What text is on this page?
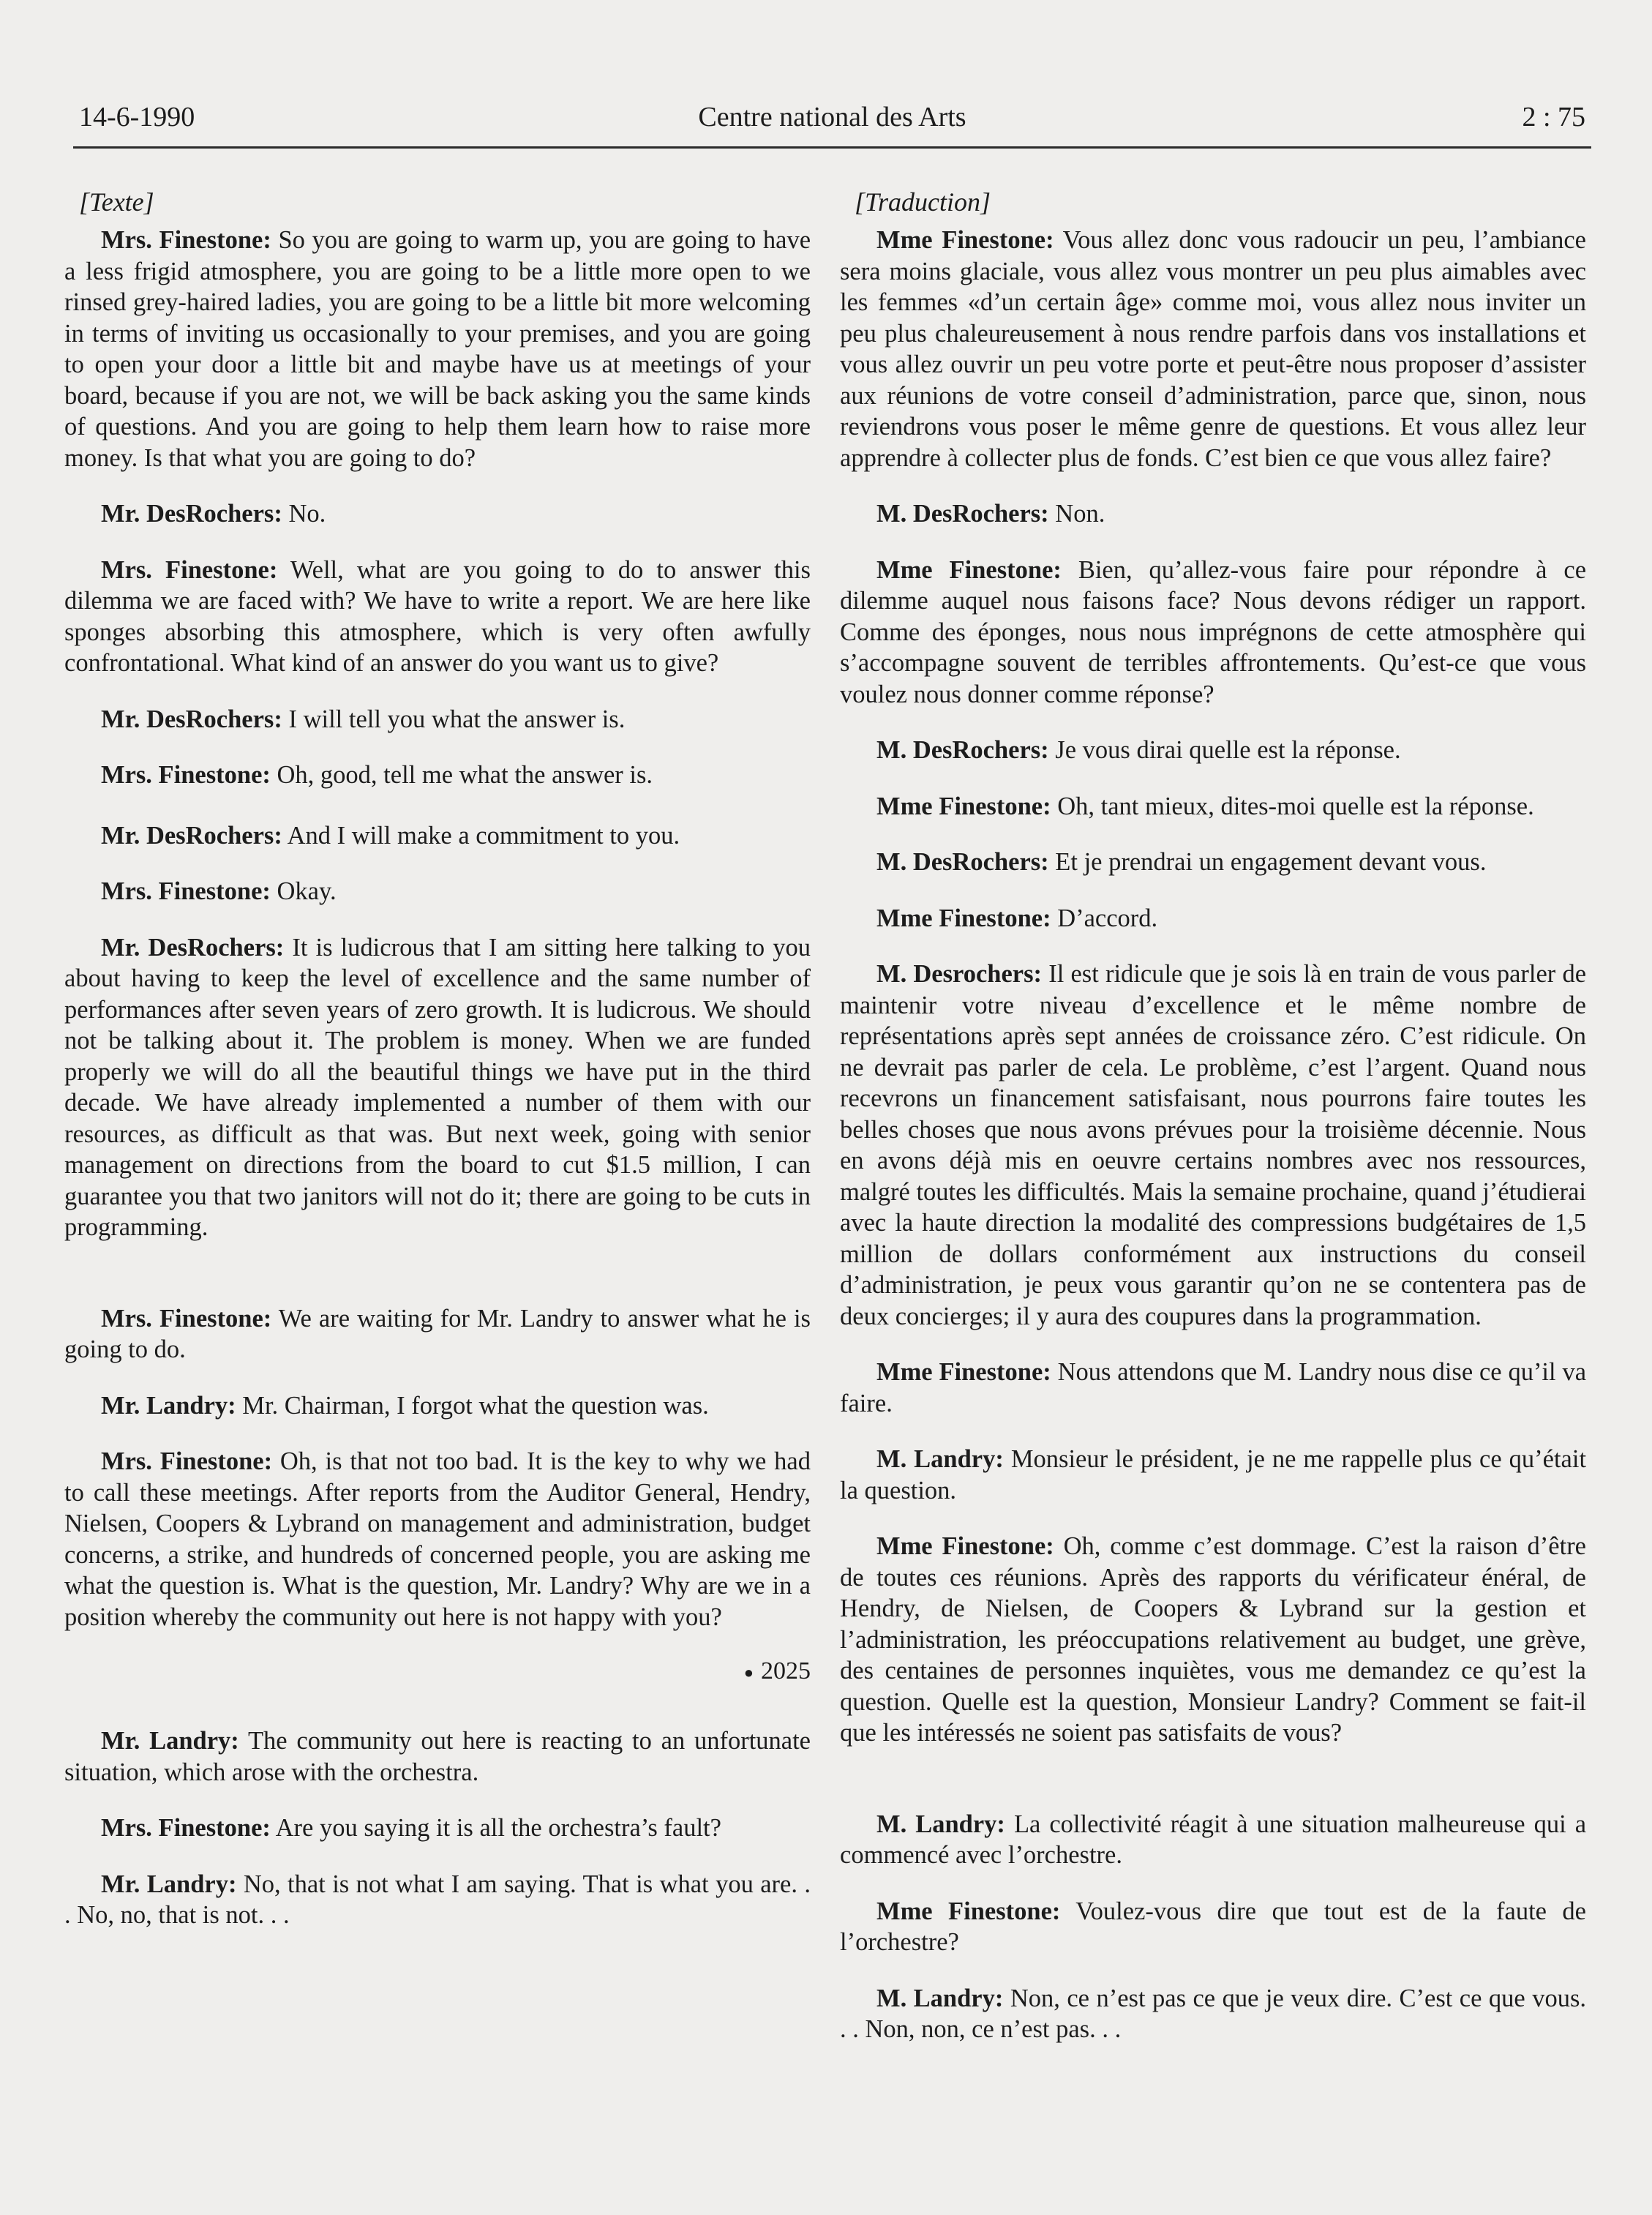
14-6-1990	Centre national des Arts	2 : 75
[Texte]

Mrs. Finestone: So you are going to warm up, you are going to have a less frigid atmosphere, you are going to be a little more open to we rinsed grey-haired ladies, you are going to be a little bit more welcoming in terms of inviting us occasionally to your premises, and you are going to open your door a little bit and maybe have us at meetings of your board, because if you are not, we will be back asking you the same kinds of questions. And you are going to help them learn how to raise more money. Is that what you are going to do?

Mr. DesRochers: No.

Mrs. Finestone: Well, what are you going to do to answer this dilemma we are faced with? We have to write a report. We are here like sponges absorbing this atmosphere, which is very often awfully confrontational. What kind of an answer do you want us to give?

Mr. DesRochers: I will tell you what the answer is.

Mrs. Finestone: Oh, good, tell me what the answer is.

Mr. DesRochers: And I will make a commitment to you.

Mrs. Finestone: Okay.

Mr. DesRochers: It is ludicrous that I am sitting here talking to you about having to keep the level of excellence and the same number of performances after seven years of zero growth. It is ludicrous. We should not be talking about it. The problem is money. When we are funded properly we will do all the beautiful things we have put in the third decade. We have already implemented a number of them with our resources, as difficult as that was. But next week, going with senior management on directions from the board to cut $1.5 million, I can guarantee you that two janitors will not do it; there are going to be cuts in programming.

Mrs. Finestone: We are waiting for Mr. Landry to answer what he is going to do.

Mr. Landry: Mr. Chairman, I forgot what the question was.

Mrs. Finestone: Oh, is that not too bad. It is the key to why we had to call these meetings. After reports from the Auditor General, Hendry, Nielsen, Coopers & Lybrand on management and administration, budget concerns, a strike, and hundreds of concerned people, you are asking me what the question is. What is the question, Mr. Landry? Why are we in a position whereby the community out here is not happy with you?

● 2025

Mr. Landry: The community out here is reacting to an unfortunate situation, which arose with the orchestra.

Mrs. Finestone: Are you saying it is all the orchestra’s fault?

Mr. Landry: No, that is not what I am saying. That is what you are. . . No, no, that is not. . .

[Traduction]

Mme Finestone: Vous allez donc vous radoucir un peu, l’ambiance sera moins glaciale, vous allez vous montrer un peu plus aimables avec les femmes «d’un certain âge» comme moi, vous allez nous inviter un peu plus chaleureusement à nous rendre parfois dans vos installations et vous allez ouvrir un peu votre porte et peut-être nous proposer d’assister aux réunions de votre conseil d’administration, parce que, sinon, nous reviendrons vous poser le même genre de questions. Et vous allez leur apprendre à collecter plus de fonds. C’est bien ce que vous allez faire?

M. DesRochers: Non.

Mme Finestone: Bien, qu’allez-vous faire pour répondre à ce dilemme auquel nous faisons face? Nous devons rédiger un rapport. Comme des éponges, nous nous imprégnons de cette atmosphère qui s’accompagne souvent de terribles affrontements. Qu’est-ce que vous voulez nous donner comme réponse?

M. DesRochers: Je vous dirai quelle est la réponse.

Mme Finestone: Oh, tant mieux, dites-moi quelle est la réponse.

M. DesRochers: Et je prendrai un engagement devant vous.

Mme Finestone: D’accord.

M. Desrochers: Il est ridicule que je sois là en train de vous parler de maintenir votre niveau d’excellence et le même nombre de représentations après sept années de croissance zéro. C’est ridicule. On ne devrait pas parler de cela. Le problème, c’est l’argent. Quand nous recevrons un financement satisfaisant, nous pourrons faire toutes les belles choses que nous avons prévues pour la troisième décennie. Nous en avons déjà mis en oeuvre certains nombres avec nos ressources, malgré toutes les difficultés. Mais la semaine prochaine, quand j’étudierai avec la haute direction la modalité des compressions budgétaires de 1,5 million de dollars conformément aux instructions du conseil d’administration, je peux vous garantir qu’on ne se contentera pas de deux concierges; il y aura des coupures dans la programmation.

Mme Finestone: Nous attendons que M. Landry nous dise ce qu’il va faire.

M. Landry: Monsieur le président, je ne me rappelle plus ce qu’était la question.

Mme Finestone: Oh, comme c’est dommage. C’est la raison d’être de toutes ces réunions. Après des rapports du vérificateur énéral, de Hendry, de Nielsen, de Coopers & Lybrand sur la gestion et l’administration, les préoccupations relativement au budget, une grève, des centaines de personnes inquiètes, vous me demandez ce qu’est la question. Quelle est la question, Monsieur Landry? Comment se fait-il que les intéressés ne soient pas satisfaits de vous?

M. Landry: La collectivité réagit à une situation malheureuse qui a commencé avec l’orchestre.

Mme Finestone: Voulez-vous dire que tout est de la faute de l’orchestre?

M. Landry: Non, ce n’est pas ce que je veux dire. C’est ce que vous. . . Non, non, ce n’est pas. . .
